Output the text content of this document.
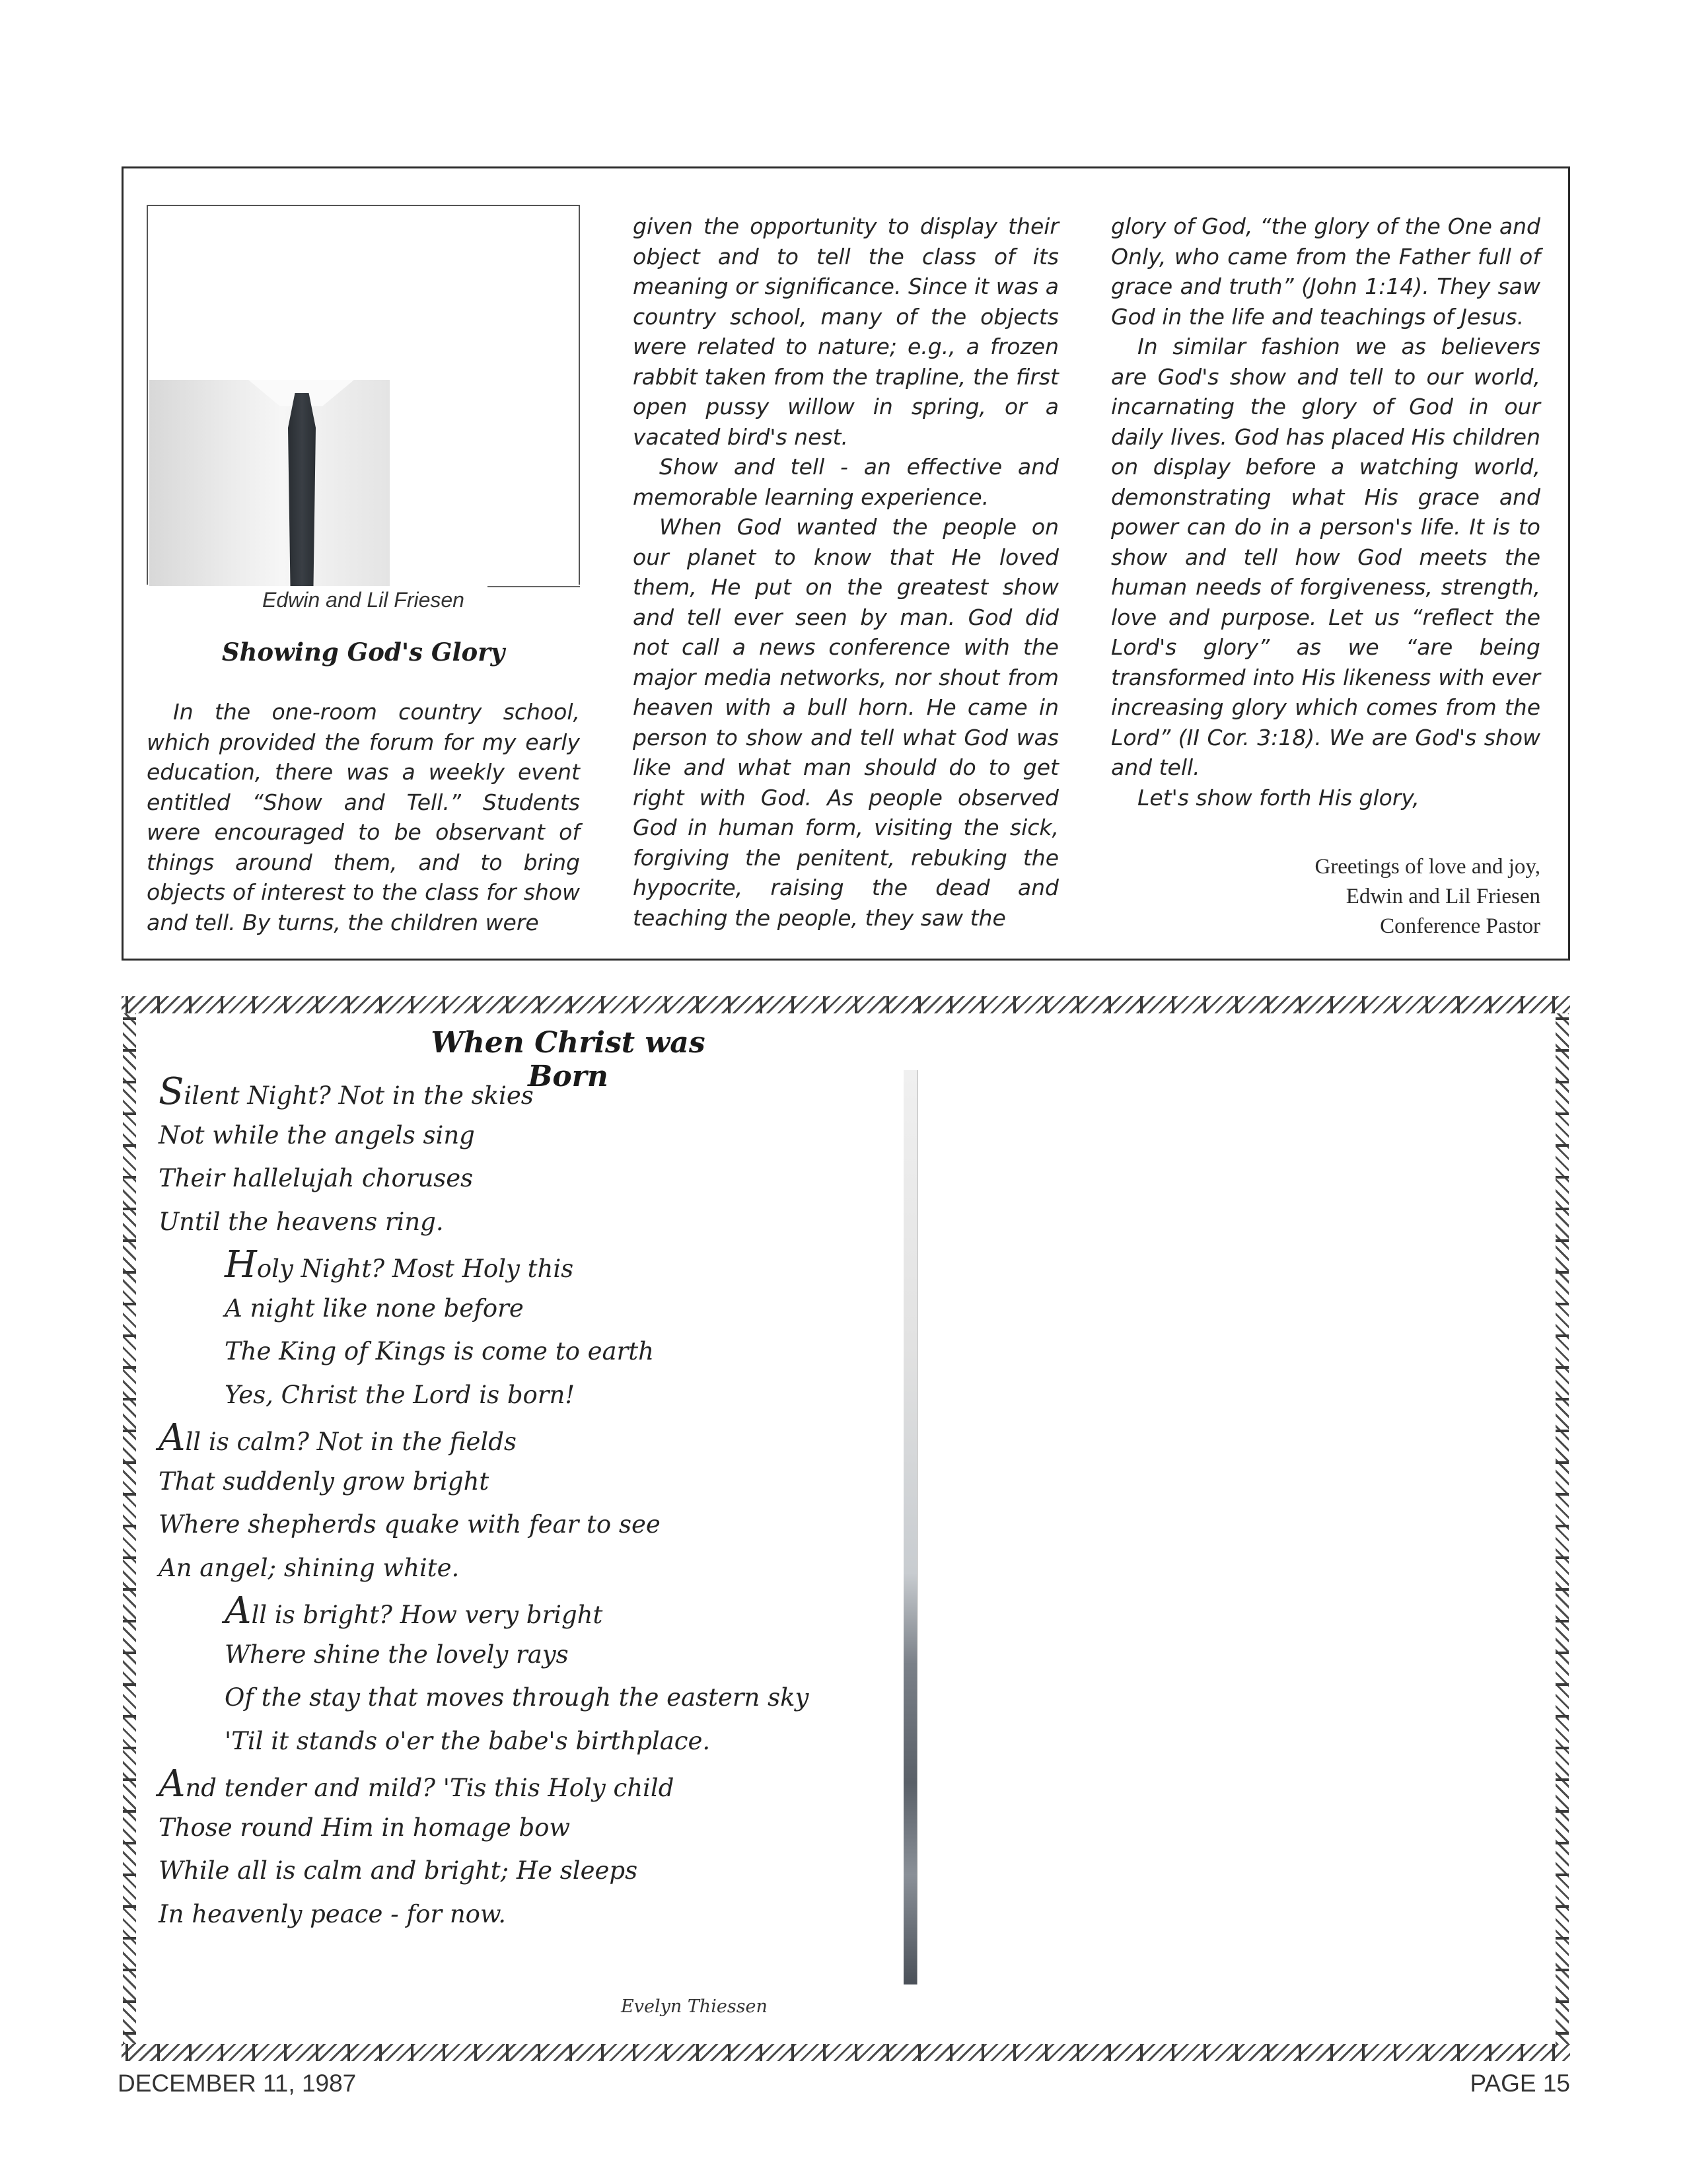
Edwin and Lil Friesen
Showing God's Glory

In the one-room country school, which provided the forum for my early education, there was a weekly event entitled “Show and Tell.” Students were encouraged to be observant of things around them, and to bring objects of interest to the class for show and tell. By turns, the children were

given the opportunity to display their object and to tell the class of its meaning or significance. Since it was a country school, many of the objects were related to nature; e.g., a frozen rabbit taken from the trapline, the first open pussy willow in spring, or a vacated bird's nest.

Show and tell - an effective and memorable learning experience.

When God wanted the people on our planet to know that He loved them, He put on the greatest show and tell ever seen by man. God did not call a news conference with the major media networks, nor shout from heaven with a bull horn. He came in person to show and tell what God was like and what man should do to get right with God. As people observed God in human form, visiting the sick, forgiving the penitent, rebuking the hypocrite, raising the dead and teaching the people, they saw the

glory of God, “the glory of the One and Only, who came from the Father full of grace and truth” (John 1:14). They saw God in the life and teachings of Jesus.

In similar fashion we as believers are God's show and tell to our world, incarnating the glory of God in our daily lives. God has placed His children on display before a watching world, demonstrating what His grace and power can do in a person's life. It is to show and tell how God meets the human needs of forgiveness, strength, love and purpose. Let us “reflect the Lord's glory” as we “are being transformed into His likeness with ever increasing glory which comes from the Lord” (II Cor. 3:18). We are God's show and tell.

Let's show forth His glory,

Greetings of love and joy,
Edwin and Lil Friesen
Conference Pastor
When Christ was Born
Silent Night? Not in the skies
Not while the angels sing
Their hallelujah choruses
Until the heavens ring.
Holy Night? Most Holy this
A night like none before
The King of Kings is come to earth
Yes, Christ the Lord is born!
All is calm? Not in the fields
That suddenly grow bright
Where shepherds quake with fear to see
An angel; shining white.
All is bright? How very bright
Where shine the lovely rays
Of the stay that moves through the eastern sky
'Til it stands o'er the babe's birthplace.
And tender and mild? 'Tis this Holy child
Those round Him in homage bow
While all is calm and bright; He sleeps
In heavenly peace - for now.
Evelyn Thiessen
DECEMBER 11, 1987	PAGE 15
